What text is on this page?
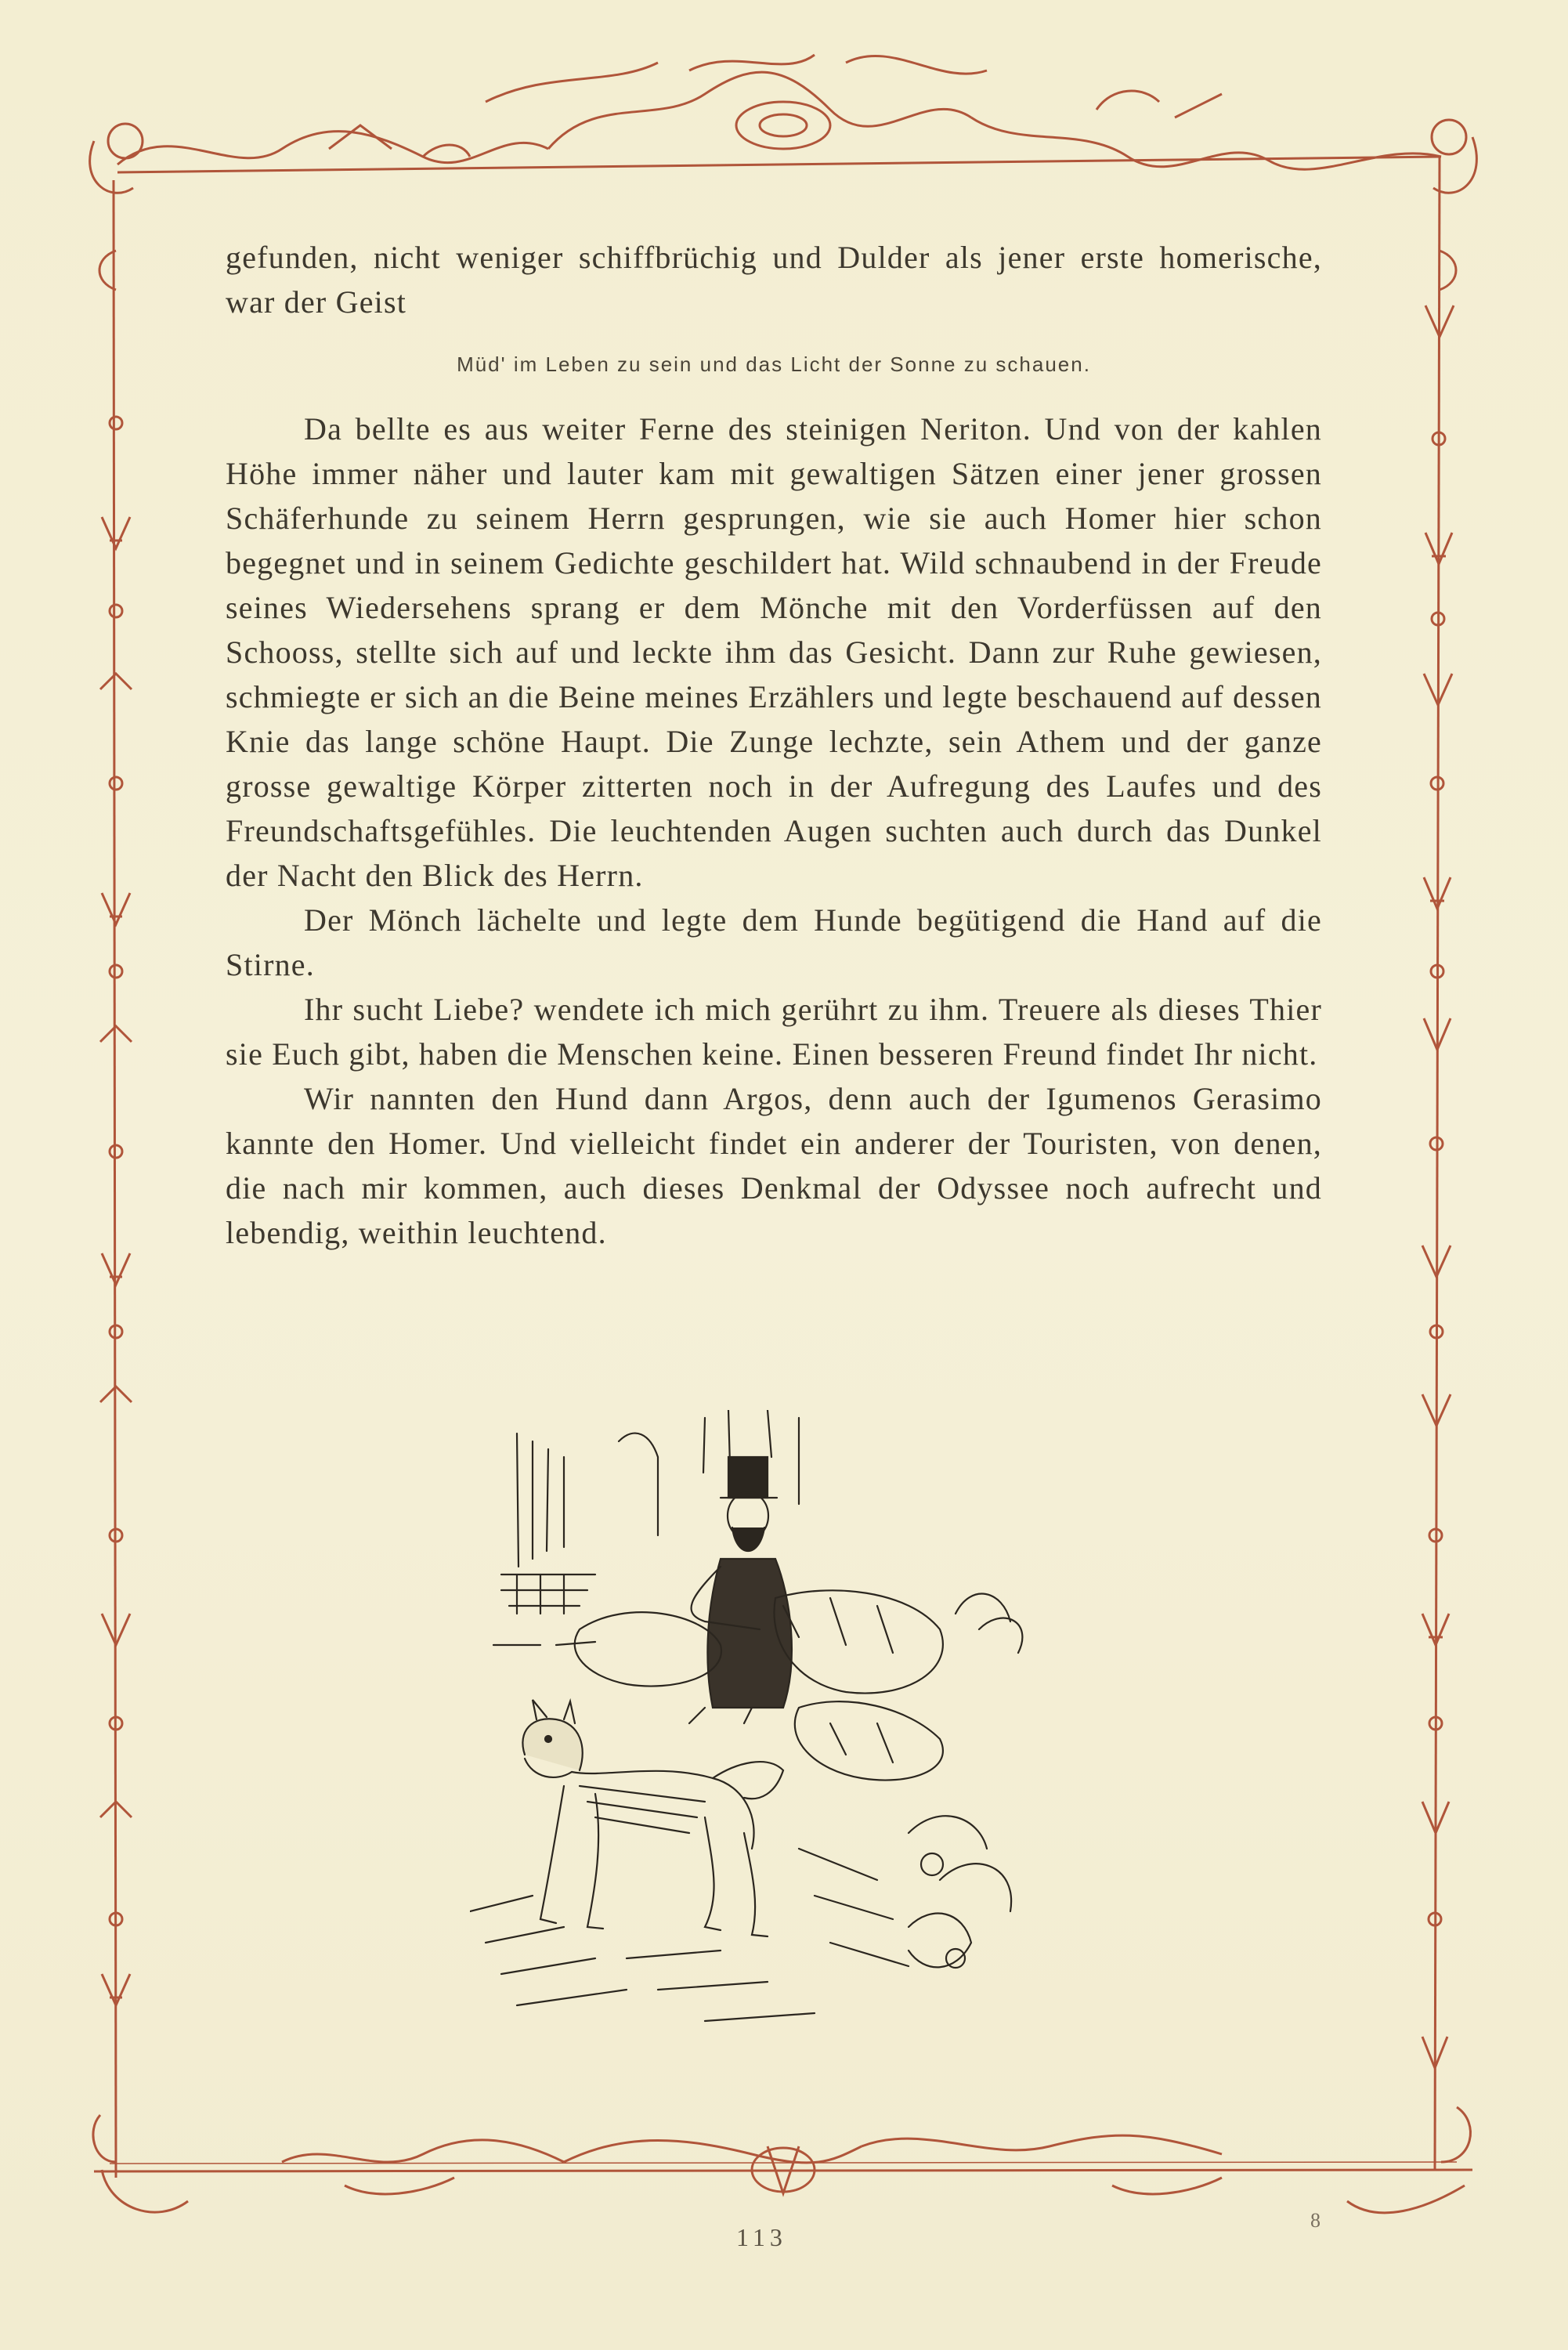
gefunden, nicht weniger schiffbrüchig und Dulder als jener erste homerische, war der Geist

Müd' im Leben zu sein und das Licht der Sonne zu schauen.

Da bellte es aus weiter Ferne des steinigen Neriton. Und von der kahlen Höhe immer näher und lauter kam mit gewaltigen Sätzen einer jener grossen Schäferhunde zu seinem Herrn gesprungen, wie sie auch Homer hier schon begegnet und in seinem Gedichte geschildert hat. Wild schnaubend in der Freude seines Wiedersehens sprang er dem Mönche mit den Vorderfüssen auf den Schooss, stellte sich auf und leckte ihm das Gesicht. Dann zur Ruhe gewiesen, schmiegte er sich an die Beine meines Erzählers und legte beschauend auf dessen Knie das lange schöne Haupt. Die Zunge lechzte, sein Athem und der ganze grosse gewaltige Körper zitterten noch in der Aufregung des Laufes und des Freundschaftsgefühles. Die leuchtenden Augen suchten auch durch das Dunkel der Nacht den Blick des Herrn.

Der Mönch lächelte und legte dem Hunde begütigend die Hand auf die Stirne.

Ihr sucht Liebe? wendete ich mich gerührt zu ihm. Treuere als dieses Thier sie Euch gibt, haben die Menschen keine. Einen besseren Freund findet Ihr nicht.

Wir nannten den Hund dann Argos, denn auch der Igumenos Gerasimo kannte den Homer. Und vielleicht findet ein anderer der Touristen, von denen, die nach mir kommen, auch dieses Denkmal der Odyssee noch aufrecht und lebendig, weithin leuchtend.

113
8
